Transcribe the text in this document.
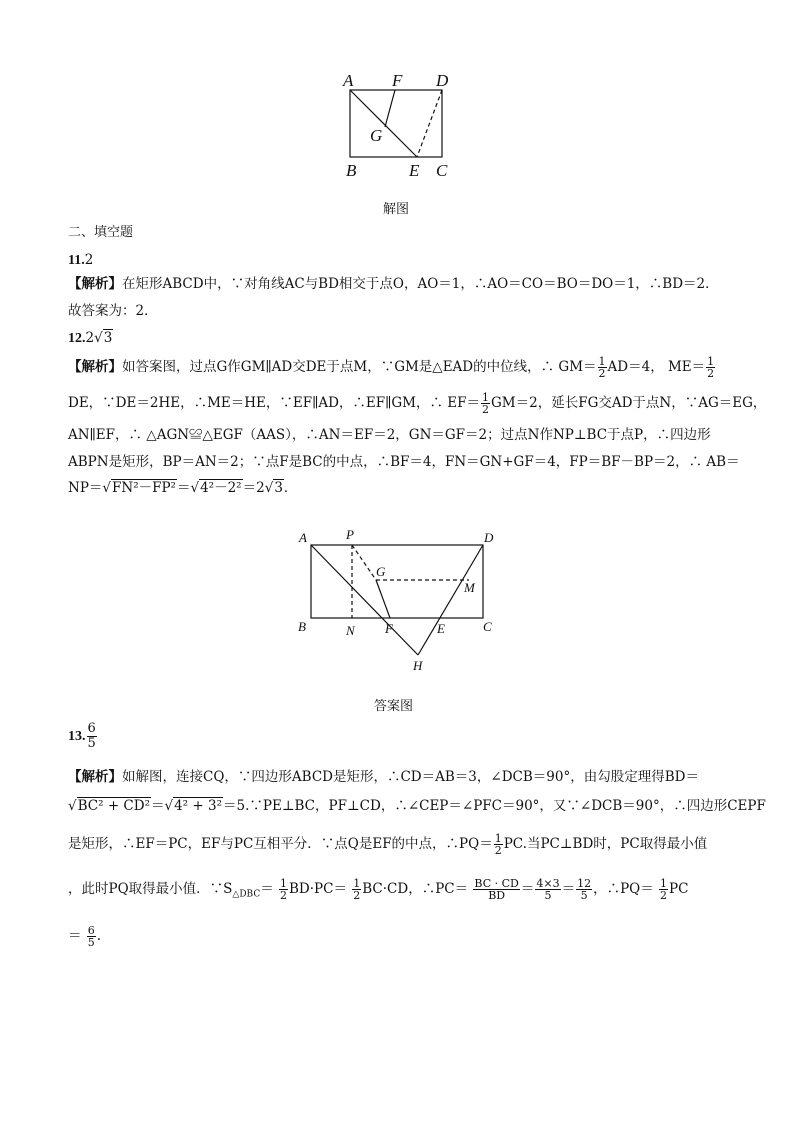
A F D
G
B	E C
解图
二、填空题
11.2
【解析】在矩形ABCD中，∵对角线AC与BD相交于点O，AO＝1，∴AO＝CO＝BO＝DO＝1，∴BD＝2．
故答案为：2．
12.2√3
【解析】如答案图，过点G作GM∥AD交DE于点M，∵GM是△EAD的中位线，∴ $GM= \frac{1}{2} AD=4$， $ME= \frac{1}{2}$
DE，∵DE＝2HE，∴ME＝HE，∵EF∥AD，∴EF∥GM，∴ $EF= \frac{1}{2} GM=2$，延长FG交AD于点N，∵AG＝EG，
AN∥EF，∴ △AGN≌△EGF（AAS），∴AN＝EF＝2，GN＝GF＝2；过点N作NP⊥BC于点P，∴四边形
ABPN是矩形，BP＝AN＝2；∵点F是BC的中点，∴BF＝4，FN＝GN+GF＝4，FP＝BF－BP＝2，∴ AB＝
NP＝√FN²－FP²＝√4²－2²＝2√3．
A	P	D
G
M
B	N F	E	C
H
答案图
13. $\frac{6}{5}$
【解析】如解图，连接CQ，∵四边形ABCD是矩形，∴CD＝AB＝3，∠DCB＝90°，由勾股定理得BD＝
√BC² + CD²＝√4² + 3²＝5.∵PE⊥BC，PF⊥CD，∴∠CEP＝∠PFC＝90°，又∵∠DCB＝90°，∴四边形CEPF
是矩形，∴EF＝PC，EF与PC互相平分．∵点Q是EF的中点，∴PQ＝ $\frac{1}{2}$ PC.当PC⊥BD时，PC取得最小值
，此时PQ取得最小值．$\because S_{\triangle DBC}= \frac{1}{2} BD\cdot PC= \frac{1}{2} BC\cdot CD$，∴PC＝ $\frac{BC \cdot CD}{BD} = \frac{4\times 3}{5} = \frac{12}{5}$ ，∴PQ＝ $\frac{1}{2}$ PC
＝ $\frac{6}{5}$ .
